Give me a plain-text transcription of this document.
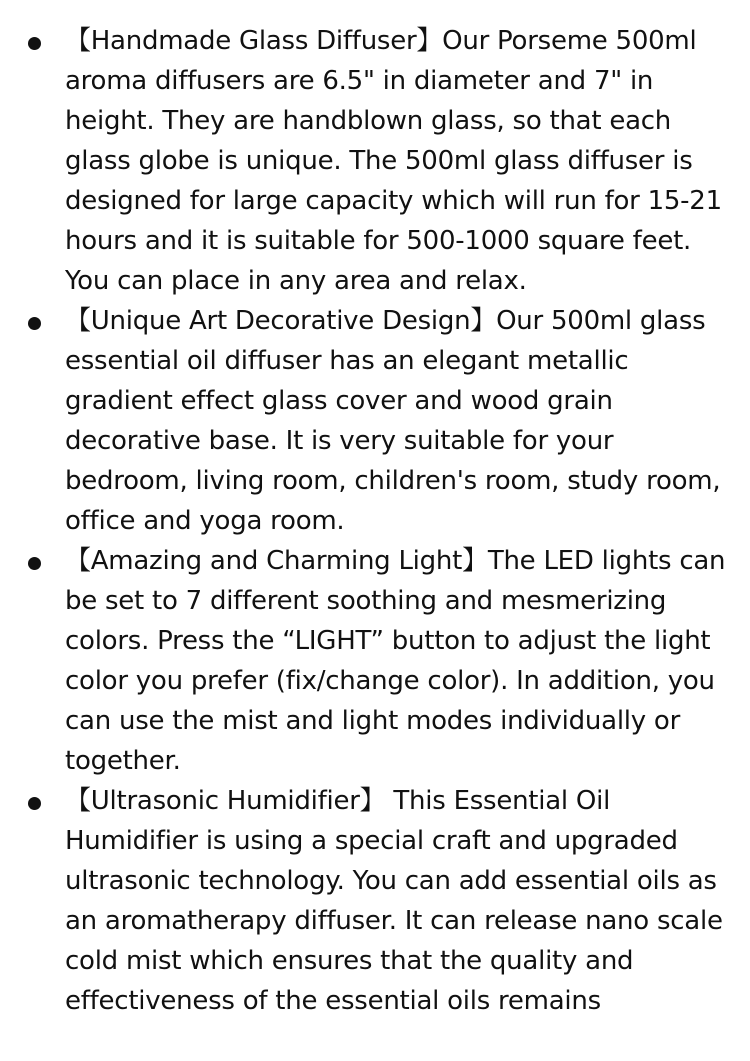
【Handmade Glass Diffuser】Our Porseme 500ml aroma diffusers are 6.5" in diameter and 7" in height. They are handblown glass, so that each glass globe is unique. The 500ml glass diffuser is designed for large capacity which will run for 15-21 hours and it is suitable for 500-1000 square feet. You can place in any area and relax.
【Unique Art Decorative Design】Our 500ml glass essential oil diffuser has an elegant metallic gradient effect glass cover and wood grain decorative base. It is very suitable for your bedroom, living room, children's room, study room, office and yoga room.
【Amazing and Charming Light】The LED lights can be set to 7 different soothing and mesmerizing colors. Press the “LIGHT” button to adjust the light color you prefer (fix/change color). In addition, you can use the mist and light modes individually or together.
【Ultrasonic Humidifier】 This Essential Oil Humidifier is using a special craft and upgraded ultrasonic technology. You can add essential oils as an aromatherapy diffuser. It can release nano scale cold mist which ensures that the quality and effectiveness of the essential oils remains
